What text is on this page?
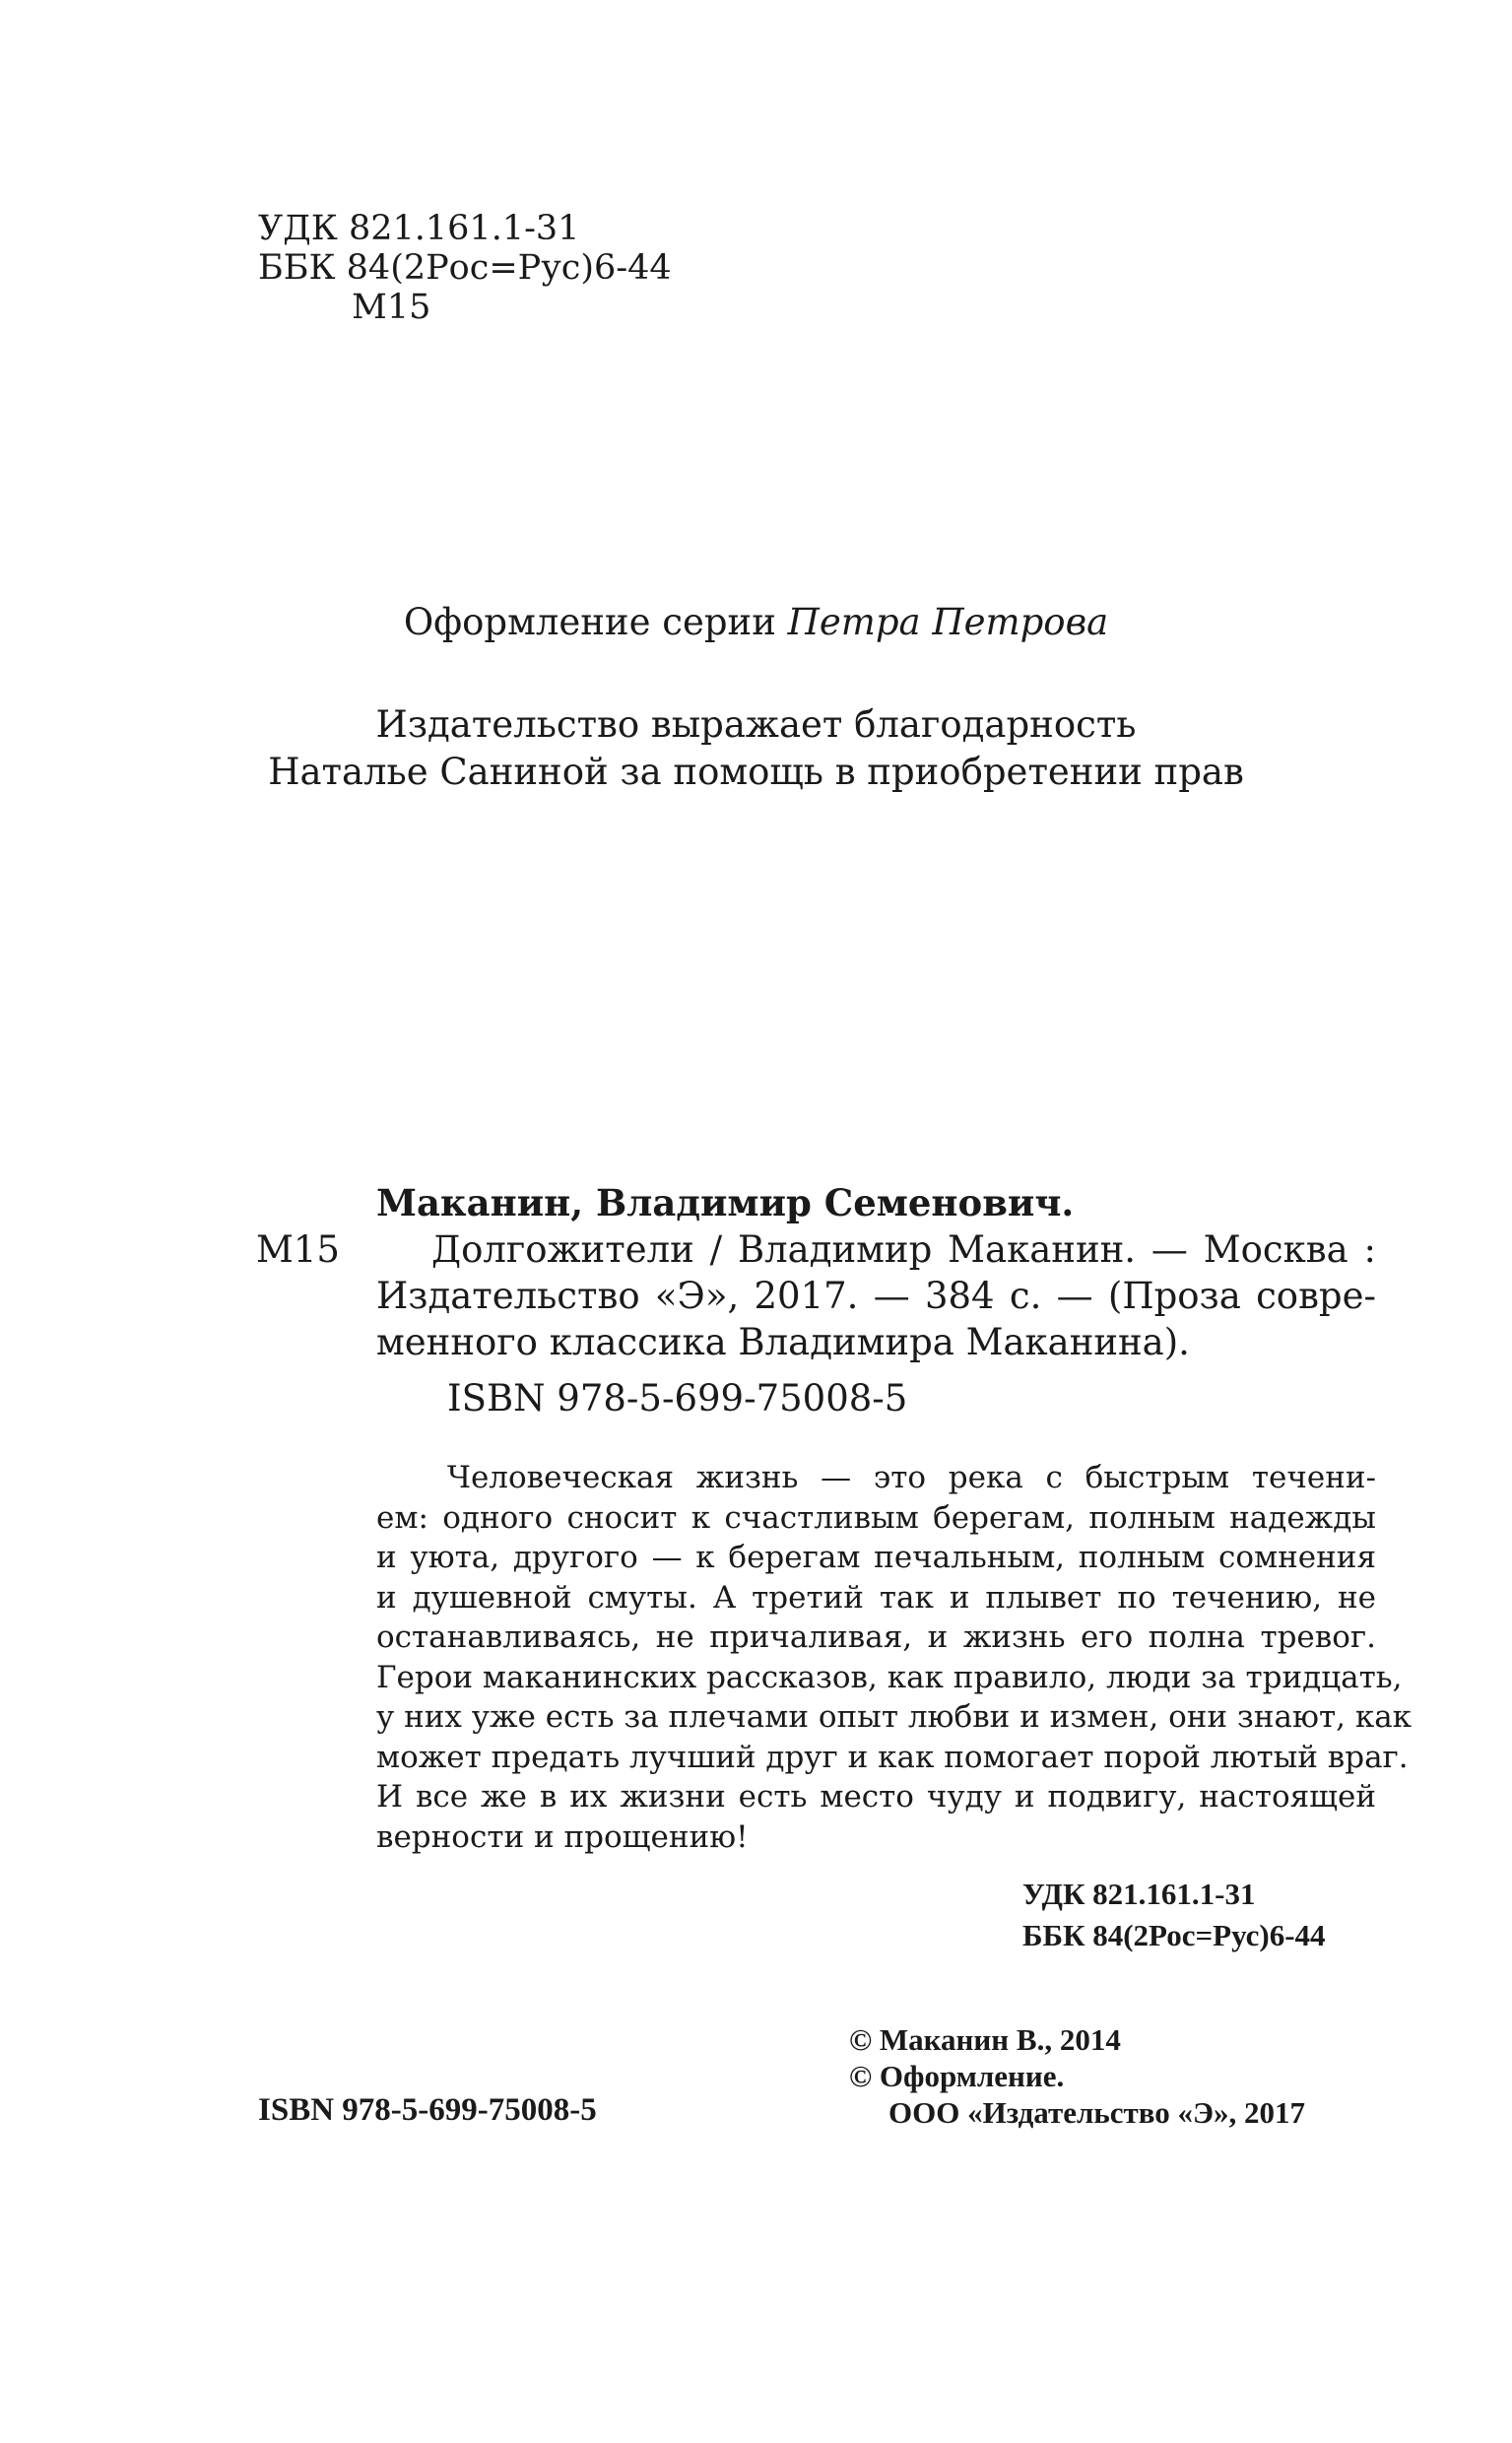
УДК 821.161.1-31
ББК 84(2Рос=Рус)6-44
М15
Оформление серии Петра Петрова
Издательство выражает благодарность
Наталье Саниной за помощь в приобретении прав
Маканин, Владимир Семенович.
М15	Долгожители / Владимир Маканин. — Москва :
Издательство «Э», 2017. — 384 с. — (Проза совре-
менного классика Владимира Маканина).
ISBN 978-5-699-75008-5
Человеческая жизнь — это река с быстрым течени-
ем: одного сносит к счастливым берегам, полным надежды
и уюта, другого — к берегам печальным, полным сомнения
и душевной смуты. А третий так и плывет по течению, не
останавливаясь, не причаливая, и жизнь его полна тревог.
Герои маканинских рассказов, как правило, люди за тридцать,
у них уже есть за плечами опыт любви и измен, они знают, как
может предать лучший друг и как помогает порой лютый враг.
И все же в их жизни есть место чуду и подвигу, настоящей
верности и прощению!
УДК 821.161.1-31
ББК 84(2Рос=Рус)6-44
© Маканин В., 2014
© Оформление.
ООО «Издательство «Э», 2017
ISBN 978-5-699-75008-5
